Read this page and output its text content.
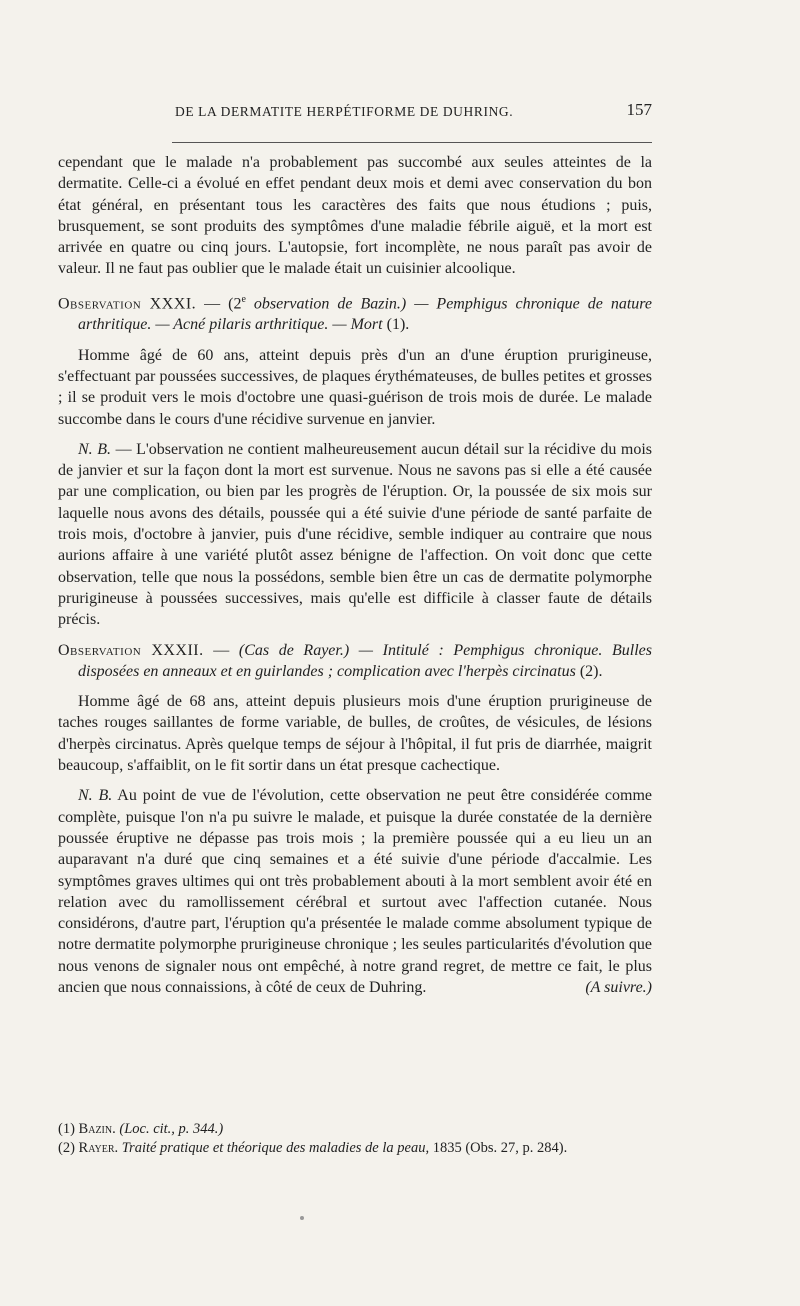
DE LA DERMATITE HERPÉTIFORME DE DUHRING.	157

cependant que le malade n'a probablement pas succombé aux seules atteintes de la dermatite. Celle-ci a évolué en effet pendant deux mois et demi avec conservation du bon état général, en présentant tous les caractères des faits que nous étudions ; puis, brusquement, se sont produits des symptômes d'une maladie fébrile aiguë, et la mort est arrivée en quatre ou cinq jours. L'autopsie, fort incomplète, ne nous paraît pas avoir de valeur. Il ne faut pas oublier que le malade était un cuisinier alcoolique.

Observation XXXI. — (2e observation de Bazin.) — Pemphigus chronique de nature arthritique. — Acné pilaris arthritique. — Mort (1).

Homme âgé de 60 ans, atteint depuis près d'un an d'une éruption prurigineuse, s'effectuant par poussées successives, de plaques érythémateuses, de bulles petites et grosses ; il se produit vers le mois d'octobre une quasi-guérison de trois mois de durée. Le malade succombe dans le cours d'une récidive survenue en janvier.

N. B. — L'observation ne contient malheureusement aucun détail sur la récidive du mois de janvier et sur la façon dont la mort est survenue. Nous ne savons pas si elle a été causée par une complication, ou bien par les progrès de l'éruption. Or, la poussée de six mois sur laquelle nous avons des détails, poussée qui a été suivie d'une période de santé parfaite de trois mois, d'octobre à janvier, puis d'une récidive, semble indiquer au contraire que nous aurions affaire à une variété plutôt assez bénigne de l'affection. On voit donc que cette observation, telle que nous la possédons, semble bien être un cas de dermatite polymorphe prurigineuse à poussées successives, mais qu'elle est difficile à classer faute de détails précis.

Observation XXXII. — (Cas de Rayer.) — Intitulé : Pemphigus chronique. Bulles disposées en anneaux et en guirlandes ; complication avec l'herpès circinatus (2).

Homme âgé de 68 ans, atteint depuis plusieurs mois d'une éruption prurigineuse de taches rouges saillantes de forme variable, de bulles, de croûtes, de vésicules, de lésions d'herpès circinatus. Après quelque temps de séjour à l'hôpital, il fut pris de diarrhée, maigrit beaucoup, s'affaiblit, on le fit sortir dans un état presque cachectique.

N. B. Au point de vue de l'évolution, cette observation ne peut être considérée comme complète, puisque l'on n'a pu suivre le malade, et puisque la durée constatée de la dernière poussée éruptive ne dépasse pas trois mois ; la première poussée qui a eu lieu un an auparavant n'a duré que cinq semaines et a été suivie d'une période d'accalmie. Les symptômes graves ultimes qui ont très probablement abouti à la mort semblent avoir été en relation avec du ramollissement cérébral et surtout avec l'affection cutanée. Nous considérons, d'autre part, l'éruption qu'a présentée le malade comme absolument typique de notre dermatite polymorphe prurigineuse chronique ; les seules particularités d'évolution que nous venons de signaler nous ont empêché, à notre grand regret, de mettre ce fait, le plus ancien que nous connaissions, à côté de ceux de Duhring.	(A suivre.)

(1) Bazin. (Loc. cit., p. 344.)

(2) Rayer. Traité pratique et théorique des maladies de la peau, 1835 (Obs. 27, p. 284).
